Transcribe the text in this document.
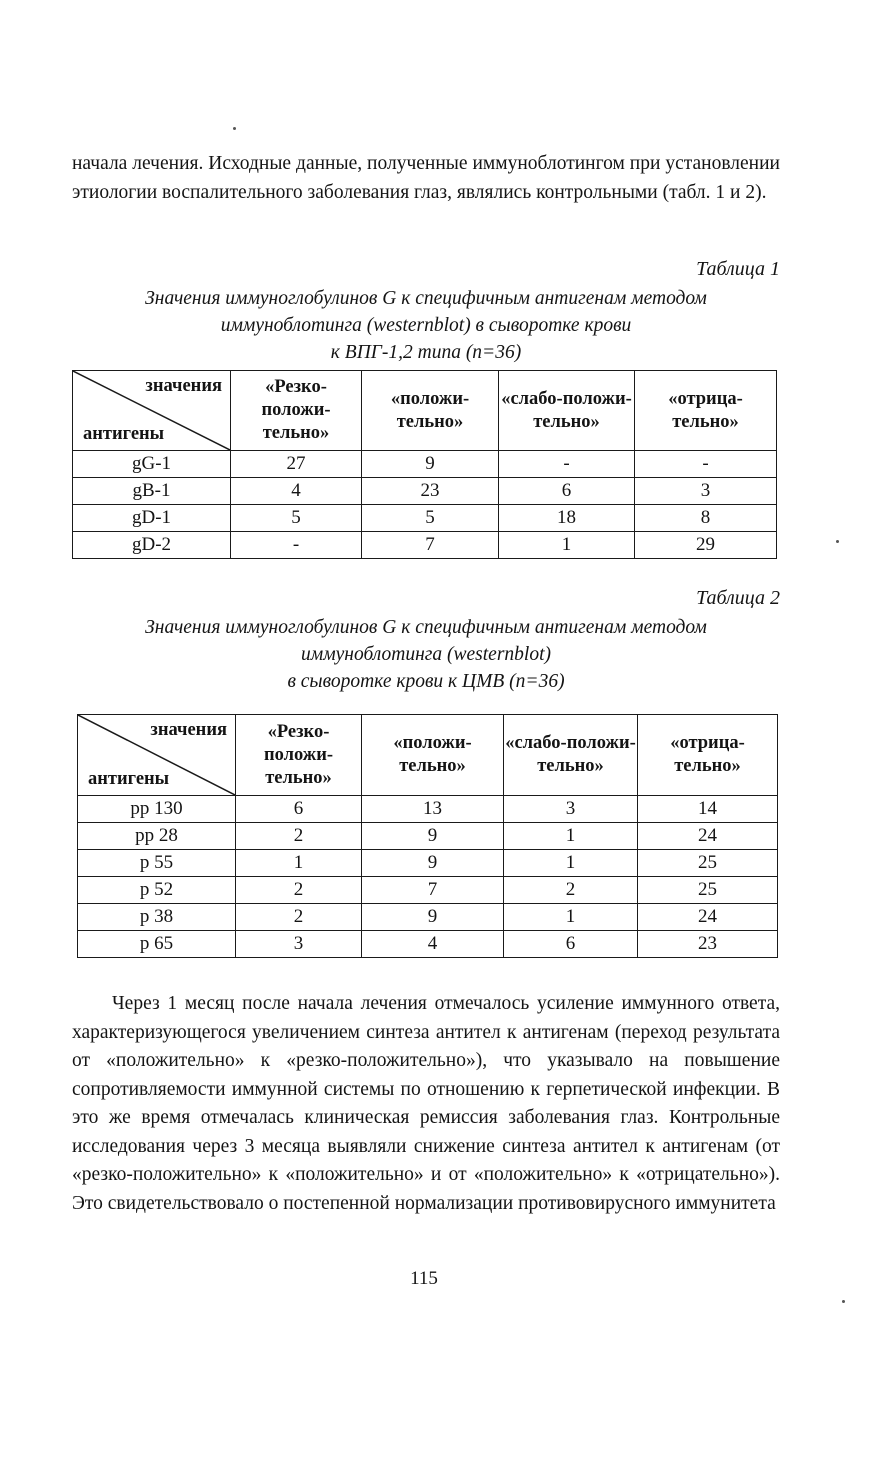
начала лечения. Исходные данные, полученные иммуноблотингом при установлении этиологии воспалительного заболевания глаз, являлись контрольными (табл. 1 и 2).

Таблица 1

Значения иммуноглобулинов G к специфичным антигенам методом
иммуноблотинга (westernblot) в сыворотке крови
к ВПГ-1,2 типа (n=36)
значения
антигены	«Резко-положи-тельно»	«положи-тельно»	«слабо-положи-тельно»	«отрица-тельно»
gG-1	27	9	-	-
gB-1	4	23	6	3
gD-1	5	5	18	8
gD-2	-	7	1	29

Таблица 2

Значения иммуноглобулинов G к специфичным антигенам методом
иммуноблотинга (westernblot)
в сыворотке крови к ЦМВ (n=36)
значения
антигены	«Резко-положи-тельно»	«положи-тельно»	«слабо-положи-тельно»	«отрица-тельно»
pp 130	6	13	3	14
pp 28	2	9	1	24
p 55	1	9	1	25
p 52	2	7	2	25
p 38	2	9	1	24
p 65	3	4	6	23

Через 1 месяц после начала лечения отмечалось усиление иммунного ответа, характеризующегося увеличением синтеза антител к антигенам (переход результата от «положительно» к «резко-положительно»), что указывало на повышение сопротивляемости иммунной системы по отношению к герпетической инфекции. В это же время отмечалась клиническая ремиссия заболевания глаз. Контрольные исследования через 3 месяца выявляли снижение синтеза антител к антигенам (от «резко-положительно» к «положительно» и от «положительно» к «отрицательно»). Это свидетельствовало о постепенной нормализации противовирусного иммунитета

115
